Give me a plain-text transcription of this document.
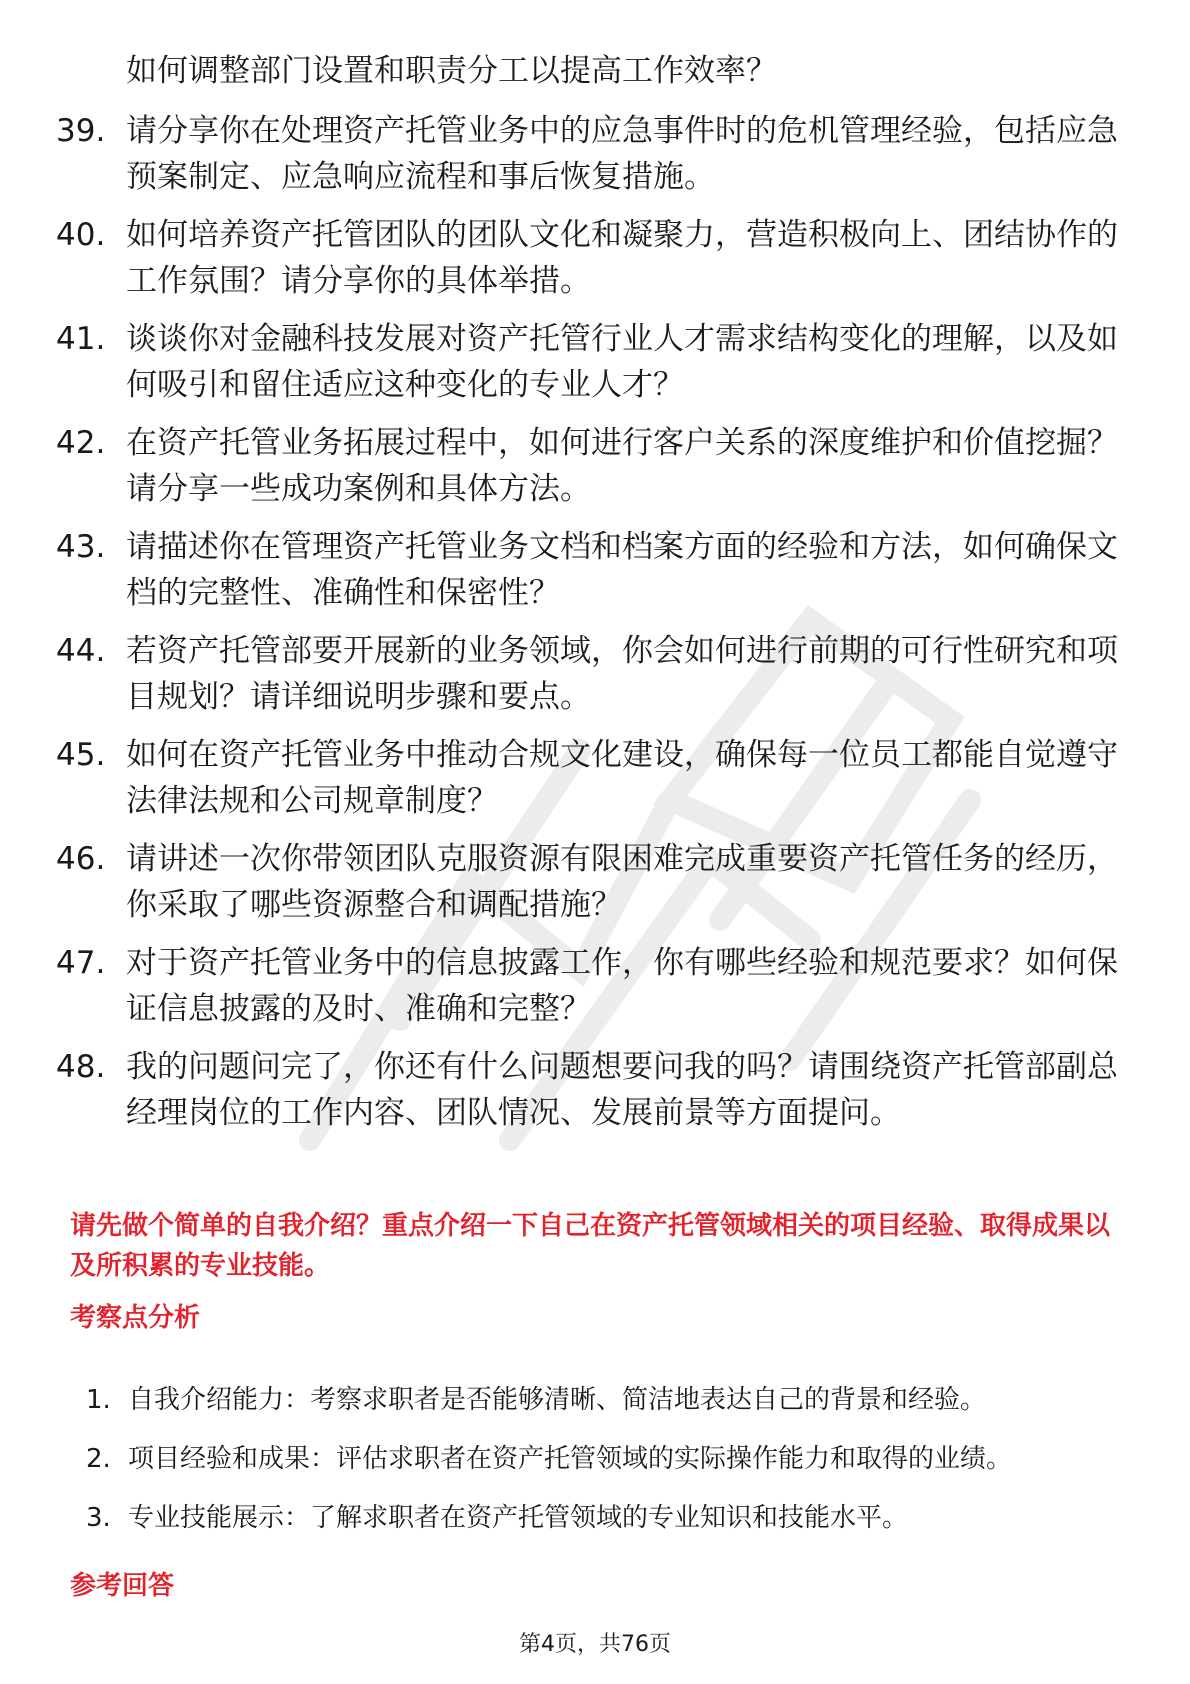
如何调整部门设置和职责分工以提高工作效率？
39. 请分享你在处理资产托管业务中的应急事件时的危机管理经验，包括应急预案制定、应急响应流程和事后恢复措施。
40. 如何培养资产托管团队的团队文化和凝聚力，营造积极向上、团结协作的工作氛围？请分享你的具体举措。
41. 谈谈你对金融科技发展对资产托管行业人才需求结构变化的理解，以及如何吸引和留住适应这种变化的专业人才？
42. 在资产托管业务拓展过程中，如何进行客户关系的深度维护和价值挖掘？请分享一些成功案例和具体方法。
43. 请描述你在管理资产托管业务文档和档案方面的经验和方法，如何确保文档的完整性、准确性和保密性？
44. 若资产托管部要开展新的业务领域，你会如何进行前期的可行性研究和项目规划？请详细说明步骤和要点。
45. 如何在资产托管业务中推动合规文化建设，确保每一位员工都能自觉遵守法律法规和公司规章制度？
46. 请讲述一次你带领团队克服资源有限困难完成重要资产托管任务的经历，你采取了哪些资源整合和调配措施？
47. 对于资产托管业务中的信息披露工作，你有哪些经验和规范要求？如何保证信息披露的及时、准确和完整？
48. 我的问题问完了，你还有什么问题想要问我的吗？请围绕资产托管部副总经理岗位的工作内容、团队情况、发展前景等方面提问。
请先做个简单的自我介绍？重点介绍一下自己在资产托管领域相关的项目经验、取得成果以及所积累的专业技能。
考察点分析
1. 自我介绍能力：考察求职者是否能够清晰、简洁地表达自己的背景和经验。
2. 项目经验和成果：评估求职者在资产托管领域的实际操作能力和取得的业绩。
3. 专业技能展示：了解求职者在资产托管领域的专业知识和技能水平。
参考回答
第4页，共76页
